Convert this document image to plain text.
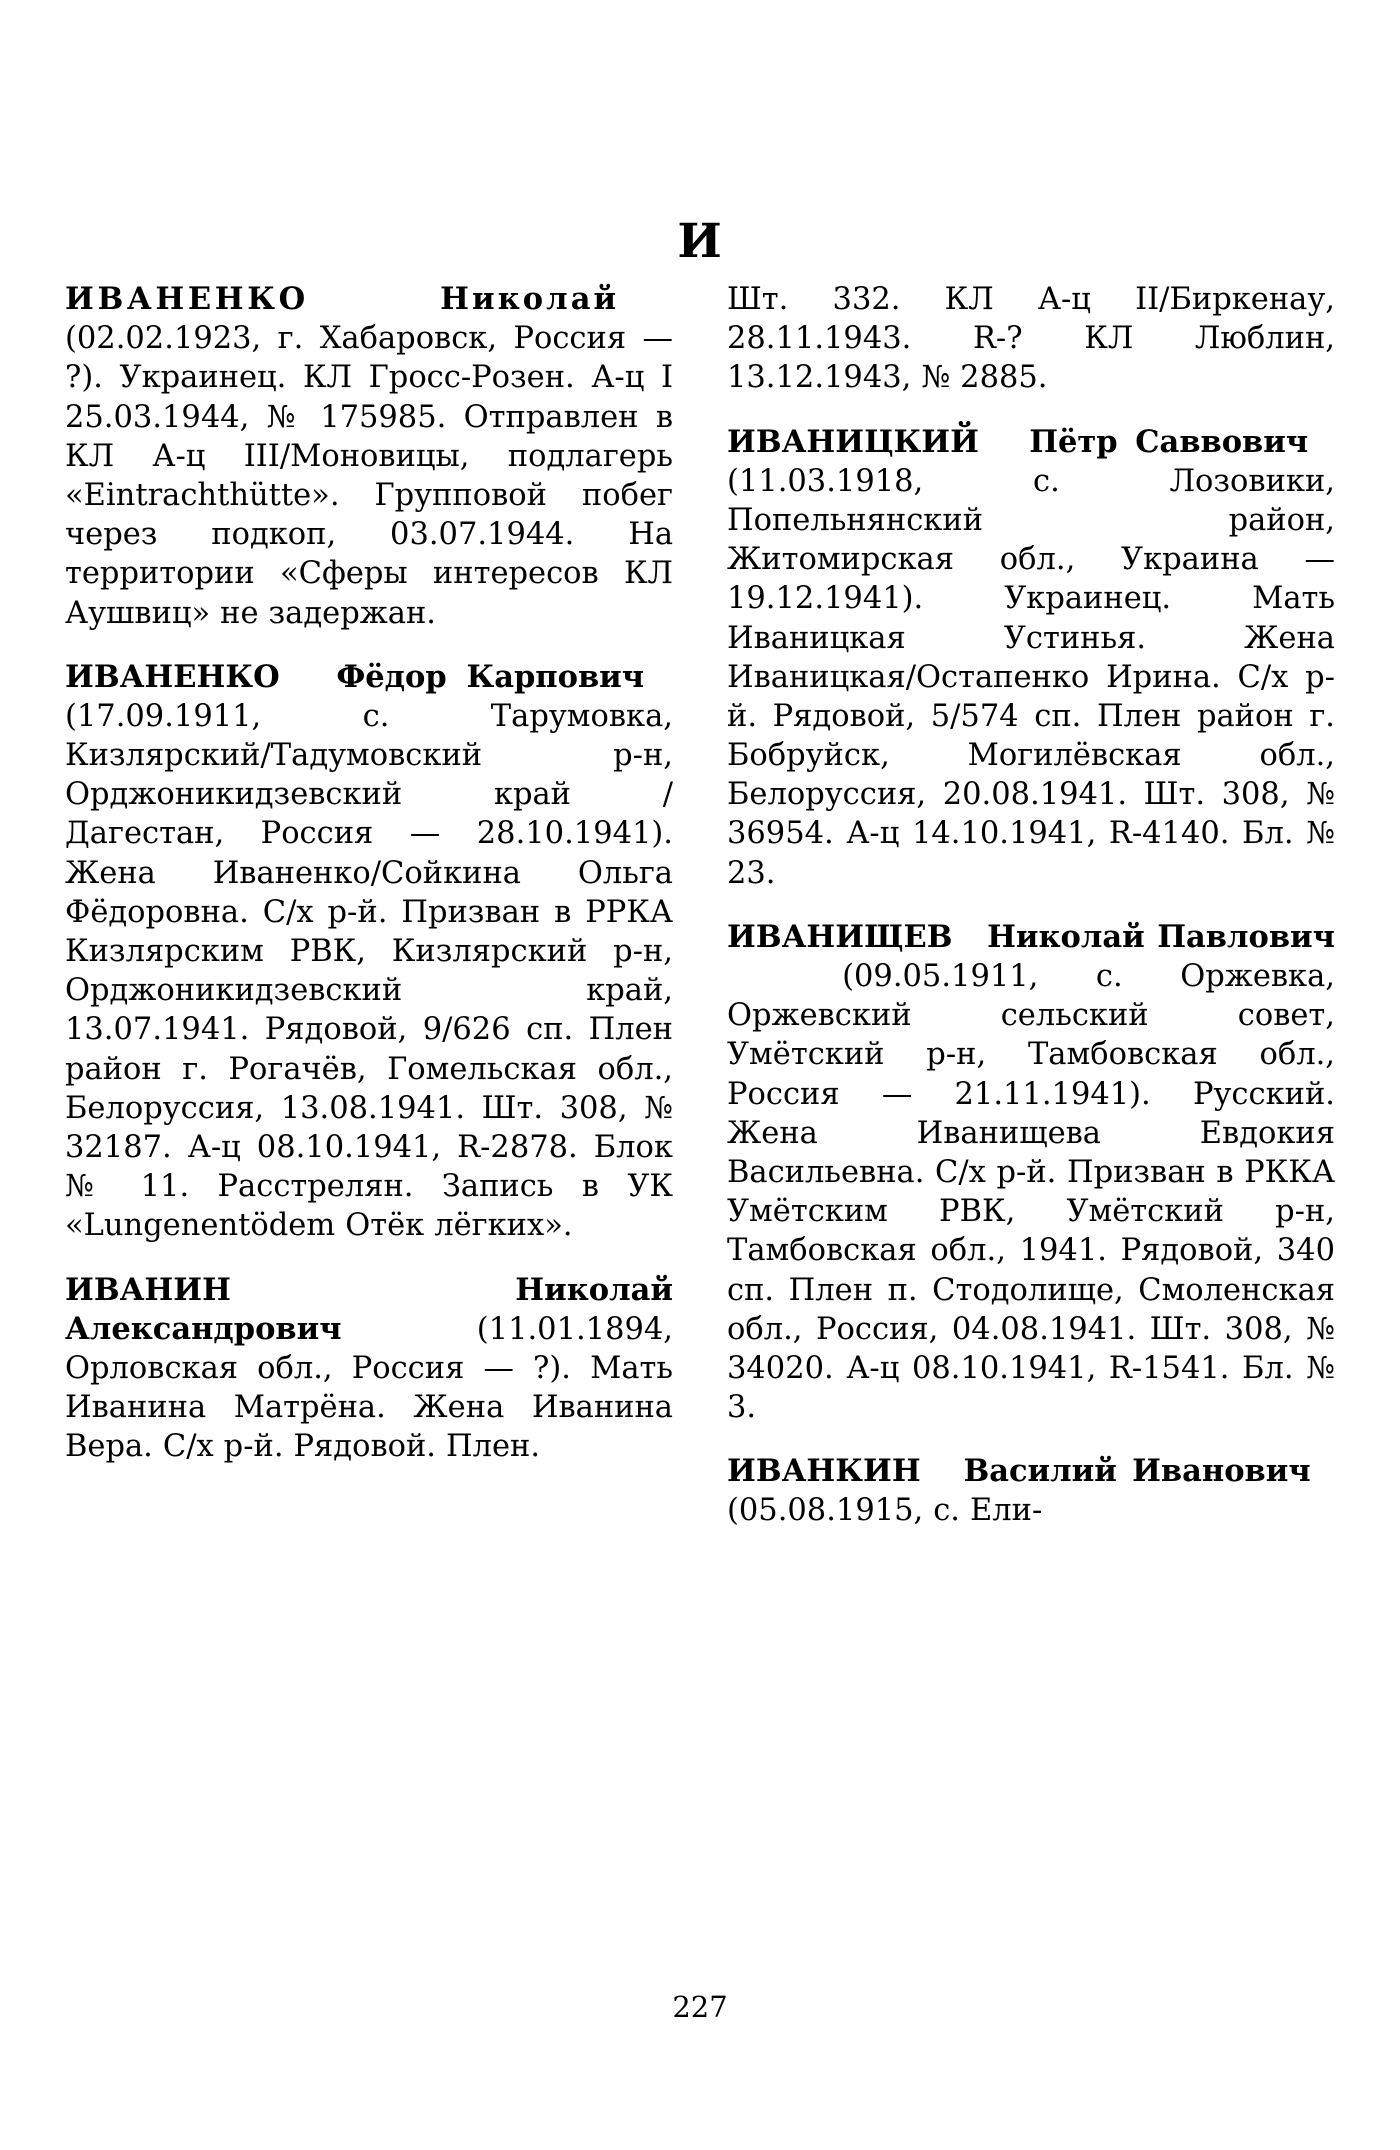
И

ИВАНЕНКО	Николай   (02.02.1923, г. Хабаровск, Россия — ?). Украинец. КЛ Гросс-Розен. А-ц I 25.03.1944, № 175985. Отправлен в КЛ А-ц III/Моновицы, подлагерь «Eintrachthütte». Групповой побег через подкоп, 03.07.1944. На территории «Сферы интересов КЛ Аушвиц» не задержан.

ИВАНЕНКО Фёдор Карпович   (17.09.1911, с. Тарумовка, Кизлярский/Тадумовский р-н, Орджоникидзевский край / Дагестан, Россия — 28.10.1941). Жена Иваненко/Сойкина Ольга Фёдоровна. С/х р-й. Призван в РРКА Кизлярским РВК, Кизлярский р-н, Орджоникидзевский край, 13.07.1941. Рядовой, 9/626 сп. Плен район г. Рогачёв, Гомельская обл., Белоруссия, 13.08.1941. Шт. 308, № 32187. А-ц 08.10.1941, R-2878. Блок № 11. Расстрелян. Запись в УК «Lungenentödem Отёк лёгких».

ИВАНИН	Николай Александрович	(11.01.1894, Орловская обл., Россия — ?). Мать Иванина Матрёна. Жена Иванина Вера. С/х р-й. Рядовой. Плен.

Шт. 332. КЛ А-ц II/Биркенау, 28.11.1943. R-? КЛ Люблин, 13.12.1943, № 2885.

ИВАНИЦКИЙ Пётр Саввович   (11.03.1918, с. Лозовики, Попельнянский район, Житомирская обл., Украина — 19.12.1941). Украинец. Мать Иваницкая Устинья. Жена Иваницкая/Остапенко Ирина. С/х р-й. Рядовой, 5/574 сп. Плен район г. Бобруйск, Могилёвская обл., Белоруссия, 20.08.1941. Шт. 308, № 36954. А-ц 14.10.1941, R-4140. Бл. № 23.

ИВАНИЩЕВ Николай Павлович   (09.05.1911, с. Оржевка, Оржевский сельский совет, Умётский р-н, Тамбовская обл., Россия — 21.11.1941). Русский. Жена Иванищева Евдокия Васильевна. С/х р-й. Призван в РККА Умётским РВК, Умётский р-н, Тамбовская обл., 1941. Рядовой, 340 сп. Плен п. Стодолище, Смоленская обл., Россия, 04.08.1941. Шт. 308, № 34020. А-ц 08.10.1941, R-1541. Бл. № 3.

ИВАНКИН Василий Иванович   (05.08.1915, с. Ели-

227
